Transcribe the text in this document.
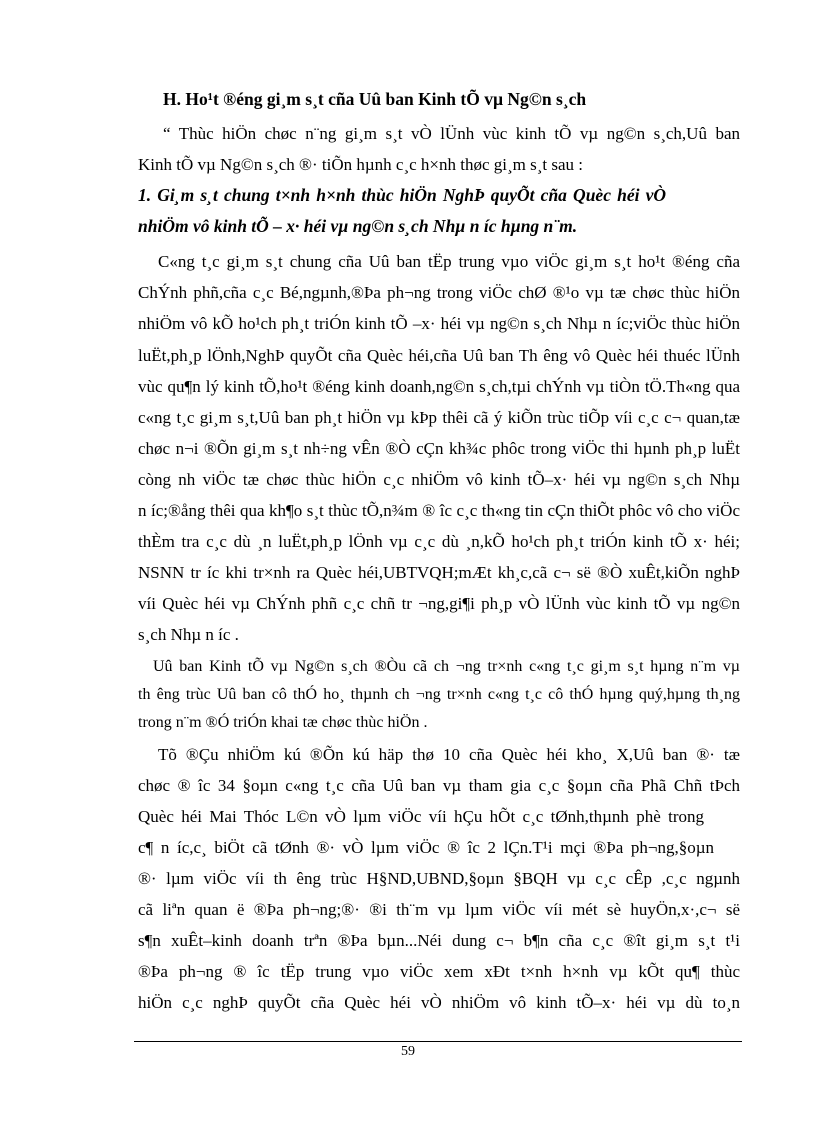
H. Ho¹t ®éng gi¸m s¸t cña Uû ban Kinh tÕ vµ Ng©n s¸ch
“ Thùc hiÖn chøc n¨ng gi¸m s¸t vÒ lÜnh vùc kinh tÕ vµ ng©n s¸ch,Uû ban
Kinh tÕ vµ Ng©n s¸ch ®· tiÕn hµnh c¸c h×nh thøc gi¸m s¸t sau :
1. Gi¸m s¸t chung t×nh h×nh thùc hiÖn NghÞ quyÕt cña Quèc héi vÒ
nhiÖm vô kinh tÕ – x· héi vµ ng©n s¸ch Nhµ n íc hµng n¨m.
C«ng t¸c gi¸m s¸t chung cña Uû ban tËp trung vµo viÖc gi¸m s¸t ho¹t ®éng cña
ChÝnh phñ,cña c¸c Bé,ngµnh,®Þa ph¬ng trong viÖc chØ ®¹o vµ tæ chøc thùc hiÖn
nhiÖm vô kÕ ho¹ch ph¸t triÓn kinh tÕ –x· héi vµ ng©n s¸ch Nhµ n íc;viÖc thùc hiÖn
luËt,ph¸p lÖnh,NghÞ quyÕt cña Quèc héi,cña Uû ban Th êng vô Quèc héi thuéc lÜnh
vùc qu¶n lý kinh tÕ,ho¹t ®éng kinh doanh,ng©n s¸ch,tµi chÝnh vµ tiÒn tÖ.Th«ng qua
c«ng t¸c gi¸m s¸t,Uû ban ph¸t hiÖn vµ kÞp thêi cã ý kiÕn trùc tiÕp víi c¸c c¬ quan,tæ
chøc n¬i ®Õn gi¸m s¸t nh÷ng vÊn ®Ò cÇn kh¾c phôc trong viÖc thi hµnh ph¸p luËt
còng nh viÖc tæ chøc thùc hiÖn c¸c nhiÖm vô kinh tÕ–x· héi vµ ng©n s¸ch Nhµ
n íc;®ång thêi qua kh¶o s¸t thùc tÕ,n¾m ® îc c¸c th«ng tin cÇn thiÕt phôc vô cho viÖc
thÈm tra c¸c dù ¸n luËt,ph¸p lÖnh vµ c¸c dù ¸n,kÕ ho¹ch ph¸t triÓn kinh tÕ x· héi;
NSNN tr íc khi tr×nh ra Quèc héi,UBTVQH;mÆt kh¸c,cã c¬ së ®Ò xuÊt,kiÕn nghÞ
víi Quèc héi vµ ChÝnh phñ c¸c chñ tr ¬ng,gi¶i ph¸p vÒ lÜnh vùc kinh tÕ vµ ng©n
s¸ch Nhµ n íc .
Uû ban Kinh tÕ vµ Ng©n s¸ch ®Òu cã ch ¬ng tr×nh c«ng t¸c gi¸m s¸t hµng n¨m vµ
th êng trùc Uû ban cô thÓ ho¸ thµnh ch ¬ng tr×nh c«ng t¸c cô thÓ hµng quý,hµng th¸ng
trong n¨m ®Ó triÓn khai tæ chøc thùc hiÖn .
Tõ ®Çu nhiÖm kú ®Õn kú häp thø 10 cña Quèc héi kho¸ X,Uû ban ®· tæ
chøc ® îc 34 §oµn c«ng t¸c cña Uû ban vµ tham gia c¸c §oµn cña Phã Chñ tÞch
Quèc héi Mai Thóc L©n vÒ lµm viÖc víi hÇu hÕt c¸c tØnh,thµnh phè trong
c¶ n íc,c¸ biÖt cã tØnh ®· vÒ lµm viÖc ® îc 2 lÇn.T¹i mçi ®Þa ph¬ng,§oµn
®· lµm viÖc víi th êng trùc H§ND,UBND,§oµn §BQH vµ c¸c cÊp ,c¸c ngµnh
cã liªn quan ë ®Þa ph¬ng;®· ®i th¨m vµ lµm viÖc víi mét sè huyÖn,x·,c¬ së
s¶n xuÊt–kinh doanh trªn ®Þa bµn...Néi dung c¬ b¶n cña c¸c ®ît gi¸m s¸t t¹i
®Þa ph¬ng ® îc tËp trung vµo viÖc xem xÐt t×nh h×nh vµ kÕt qu¶ thùc
hiÖn c¸c nghÞ quyÕt cña Quèc héi vÒ nhiÖm vô kinh tÕ–x· héi vµ dù to¸n
59
